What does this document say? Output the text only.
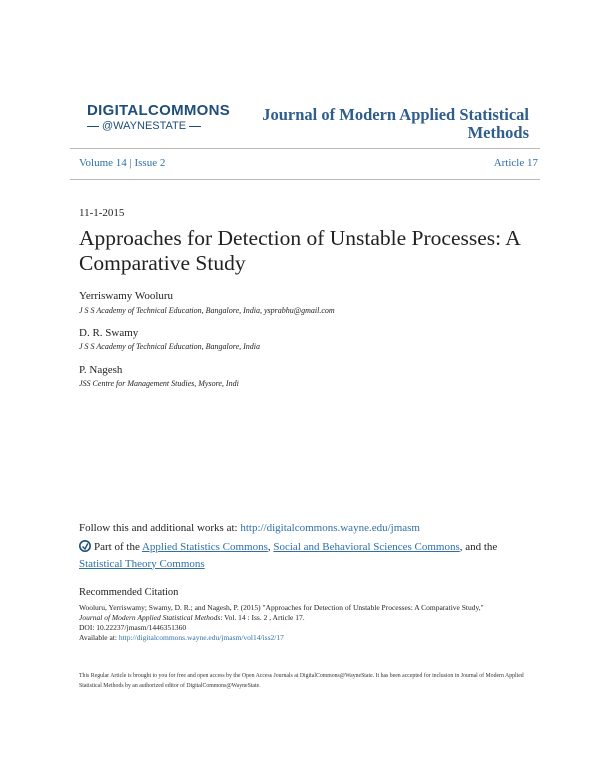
DIGITALCOMMONS
@WAYNESTATE
Journal of Modern Applied Statistical Methods
Volume 14 | Issue 2	Article 17
11-1-2015
Approaches for Detection of Unstable Processes: A Comparative Study
Yerriswamy Wooluru
J S S Academy of Technical Education, Bangalore, India, ysprabhu@gmail.com
D. R. Swamy
J S S Academy of Technical Education, Bangalore, India
P. Nagesh
JSS Centre for Management Studies, Mysore, Indi
Follow this and additional works at: http://digitalcommons.wayne.edu/jmasm
Part of the Applied Statistics Commons, Social and Behavioral Sciences Commons, and the Statistical Theory Commons
Recommended Citation
Wooluru, Yerriswamy; Swamy, D. R.; and Nagesh, P. (2015) "Approaches for Detection of Unstable Processes: A Comparative Study,"
Journal of Modern Applied Statistical Methods: Vol. 14 : Iss. 2 , Article 17.
DOI: 10.22237/jmasm/1446351360
Available at: http://digitalcommons.wayne.edu/jmasm/vol14/iss2/17
This Regular Article is brought to you for free and open access by the Open Access Journals at DigitalCommons@WayneState. It has been accepted for inclusion in Journal of Modern Applied Statistical Methods by an authorized editor of DigitalCommons@WayneState.
